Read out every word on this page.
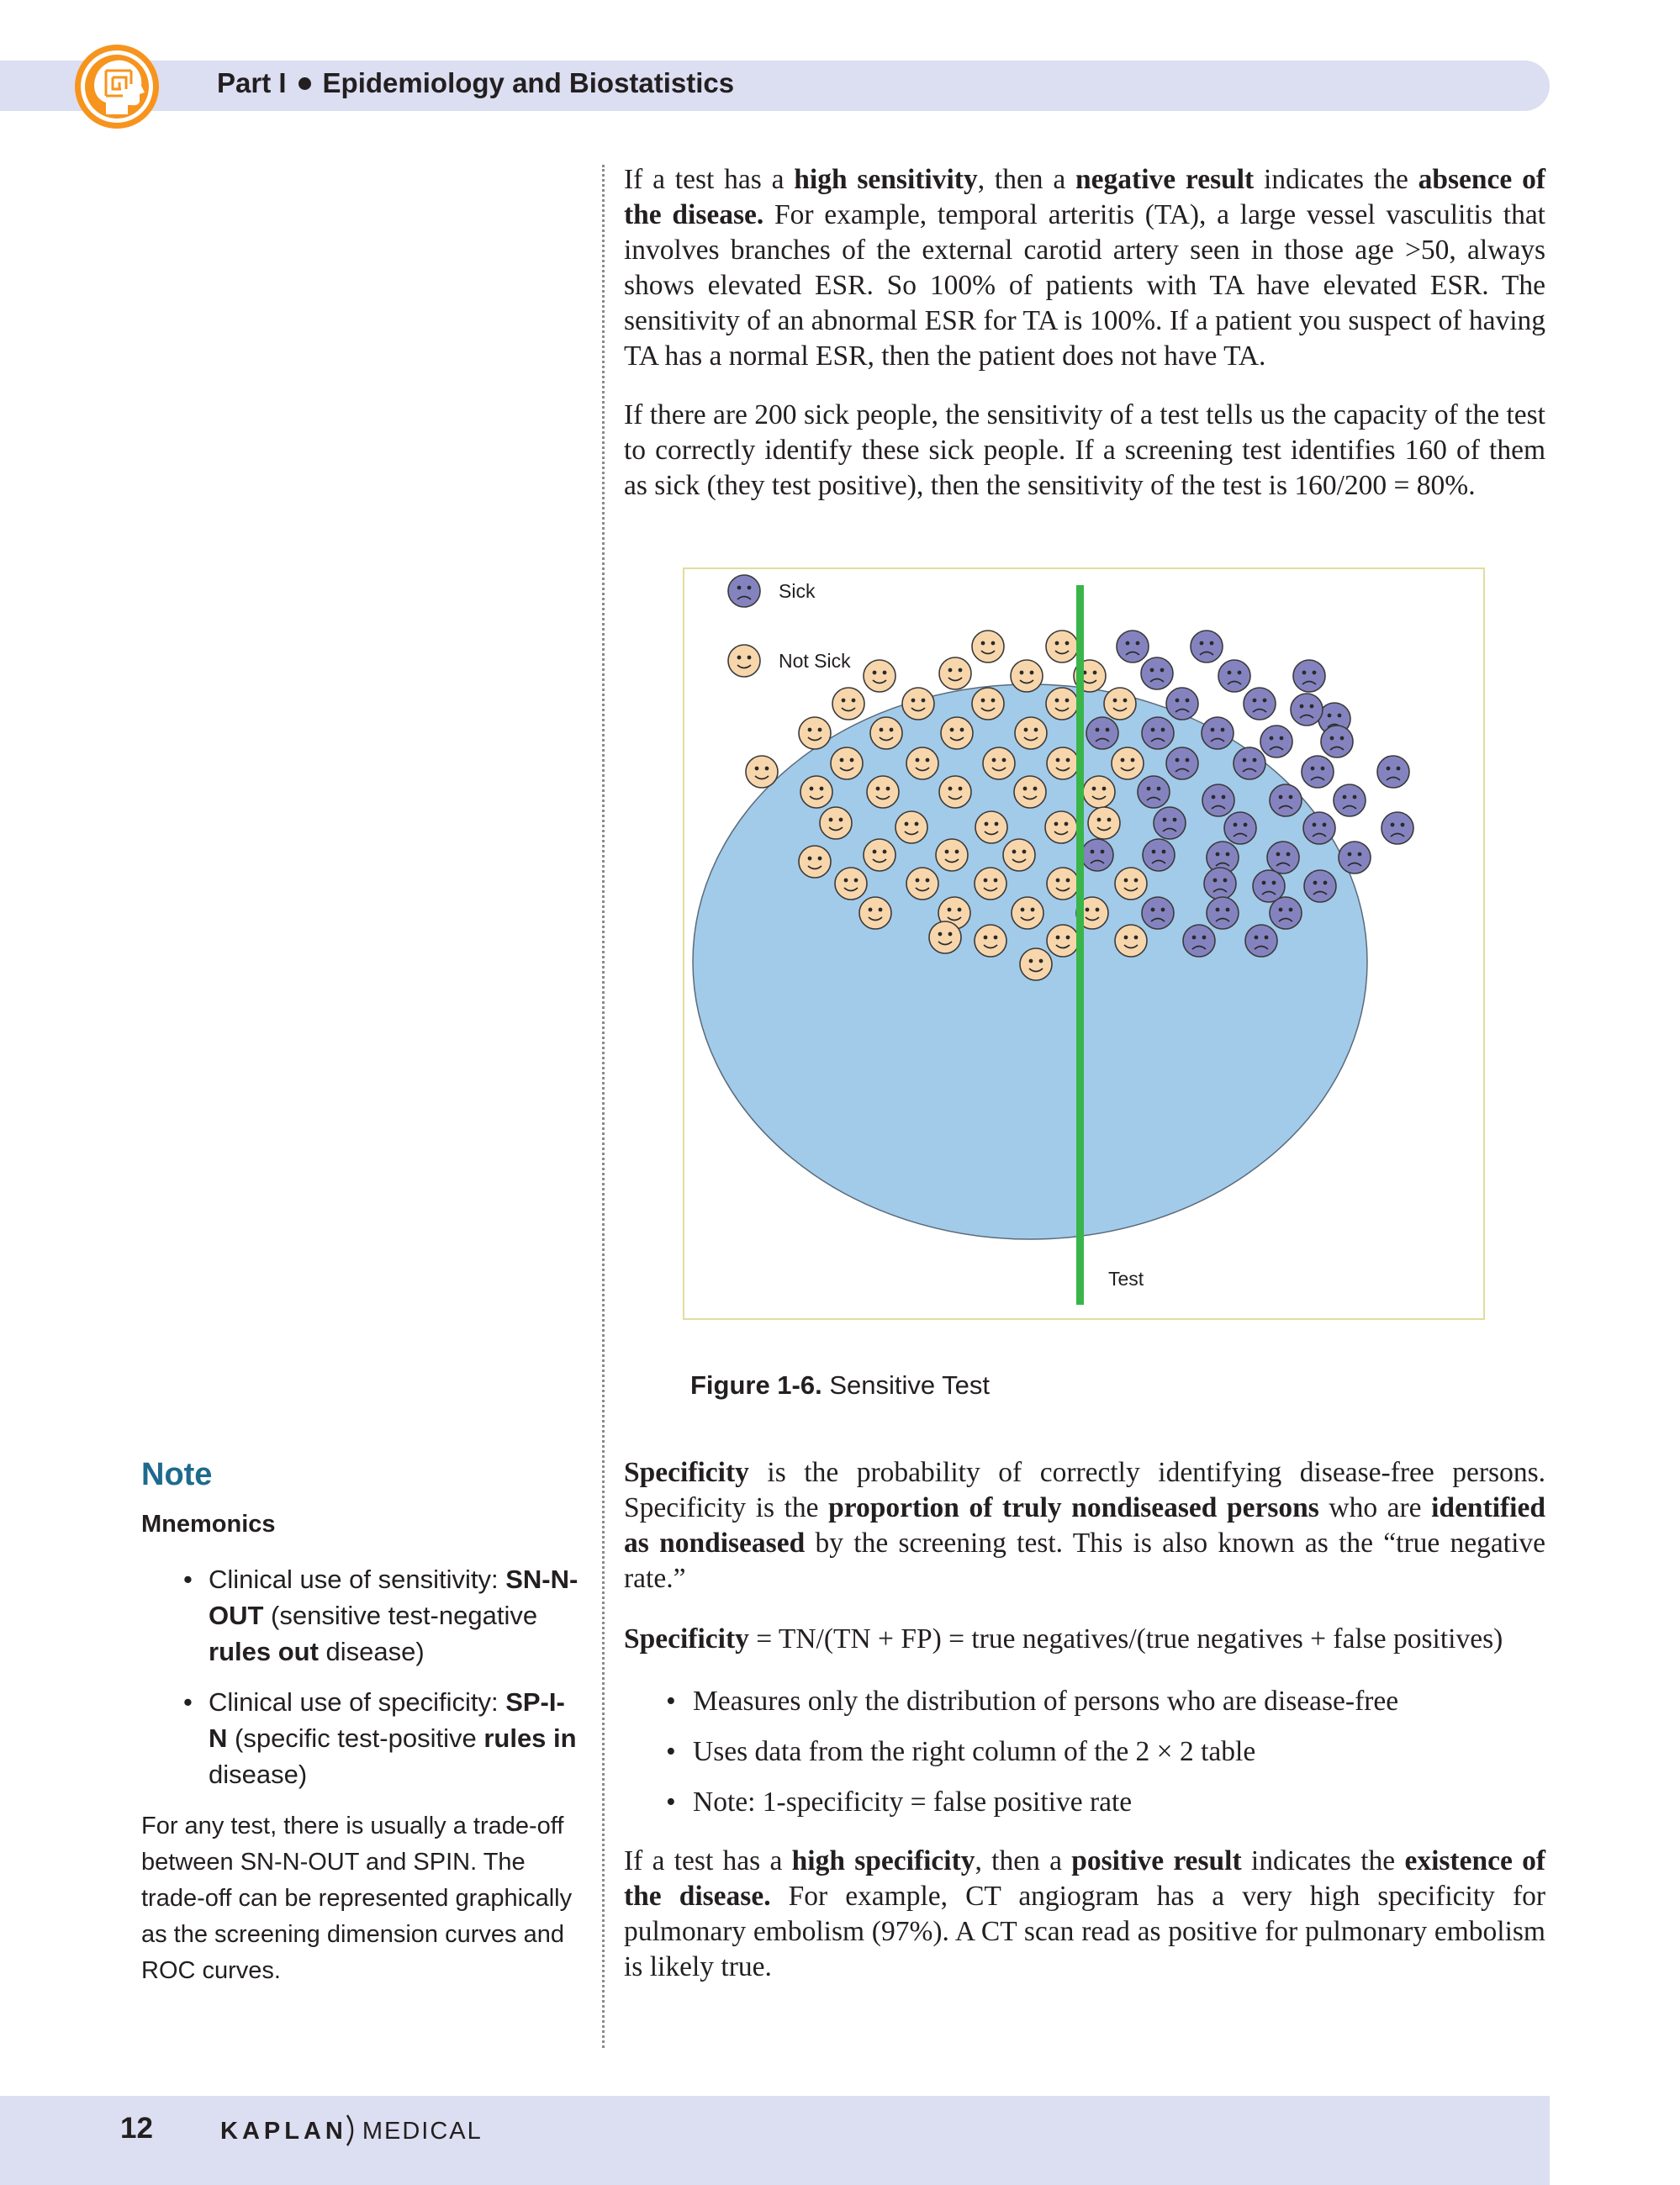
Part I Epidemiology and Biostatistics
If a test has a high sensitivity, then a negative result indicates the absence of the disease. For example, temporal arteritis (TA), a large vessel vasculitis that involves branches of the external carotid artery seen in those age >50, always shows elevated ESR. So 100% of patients with TA have elevated ESR. The sensitivity of an abnormal ESR for TA is 100%. If a patient you suspect of having TA has a normal ESR, then the patient does not have TA.
If there are 200 sick people, the sensitivity of a test tells us the capacity of the test to correctly identify these sick people. If a screening test identifies 160 of them as sick (they test positive), then the sensitivity of the test is 160/200 = 80%.
Sick
Not Sick
Test
Figure 1-6. Sensitive Test
Specificity is the probability of correctly identifying disease-free persons. Specificity is the proportion of truly nondiseased persons who are identified as nondiseased by the screening test. This is also known as the “true negative rate.”
Specificity = TN/(TN + FP) = true negatives/(true negatives + false positives)
• Measures only the distribution of persons who are disease-free
• Uses data from the right column of the 2 × 2 table
• Note: 1-specificity = false positive rate
If a test has a high specificity, then a positive result indicates the existence of the disease. For example, CT angiogram has a very high specificity for pulmonary embolism (97%). A CT scan read as positive for pulmonary embolism is likely true.
Note
Mnemonics
• Clinical use of sensitivity: SN-N-OUT (sensitive test-negative rules out disease)
• Clinical use of specificity: SP-I-N (specific test-positive rules in disease)
For any test, there is usually a trade-off between SN-N-OUT and SPIN. The trade-off can be represented graphically as the screening dimension curves and ROC curves.
12	KAPLAN MEDICAL
